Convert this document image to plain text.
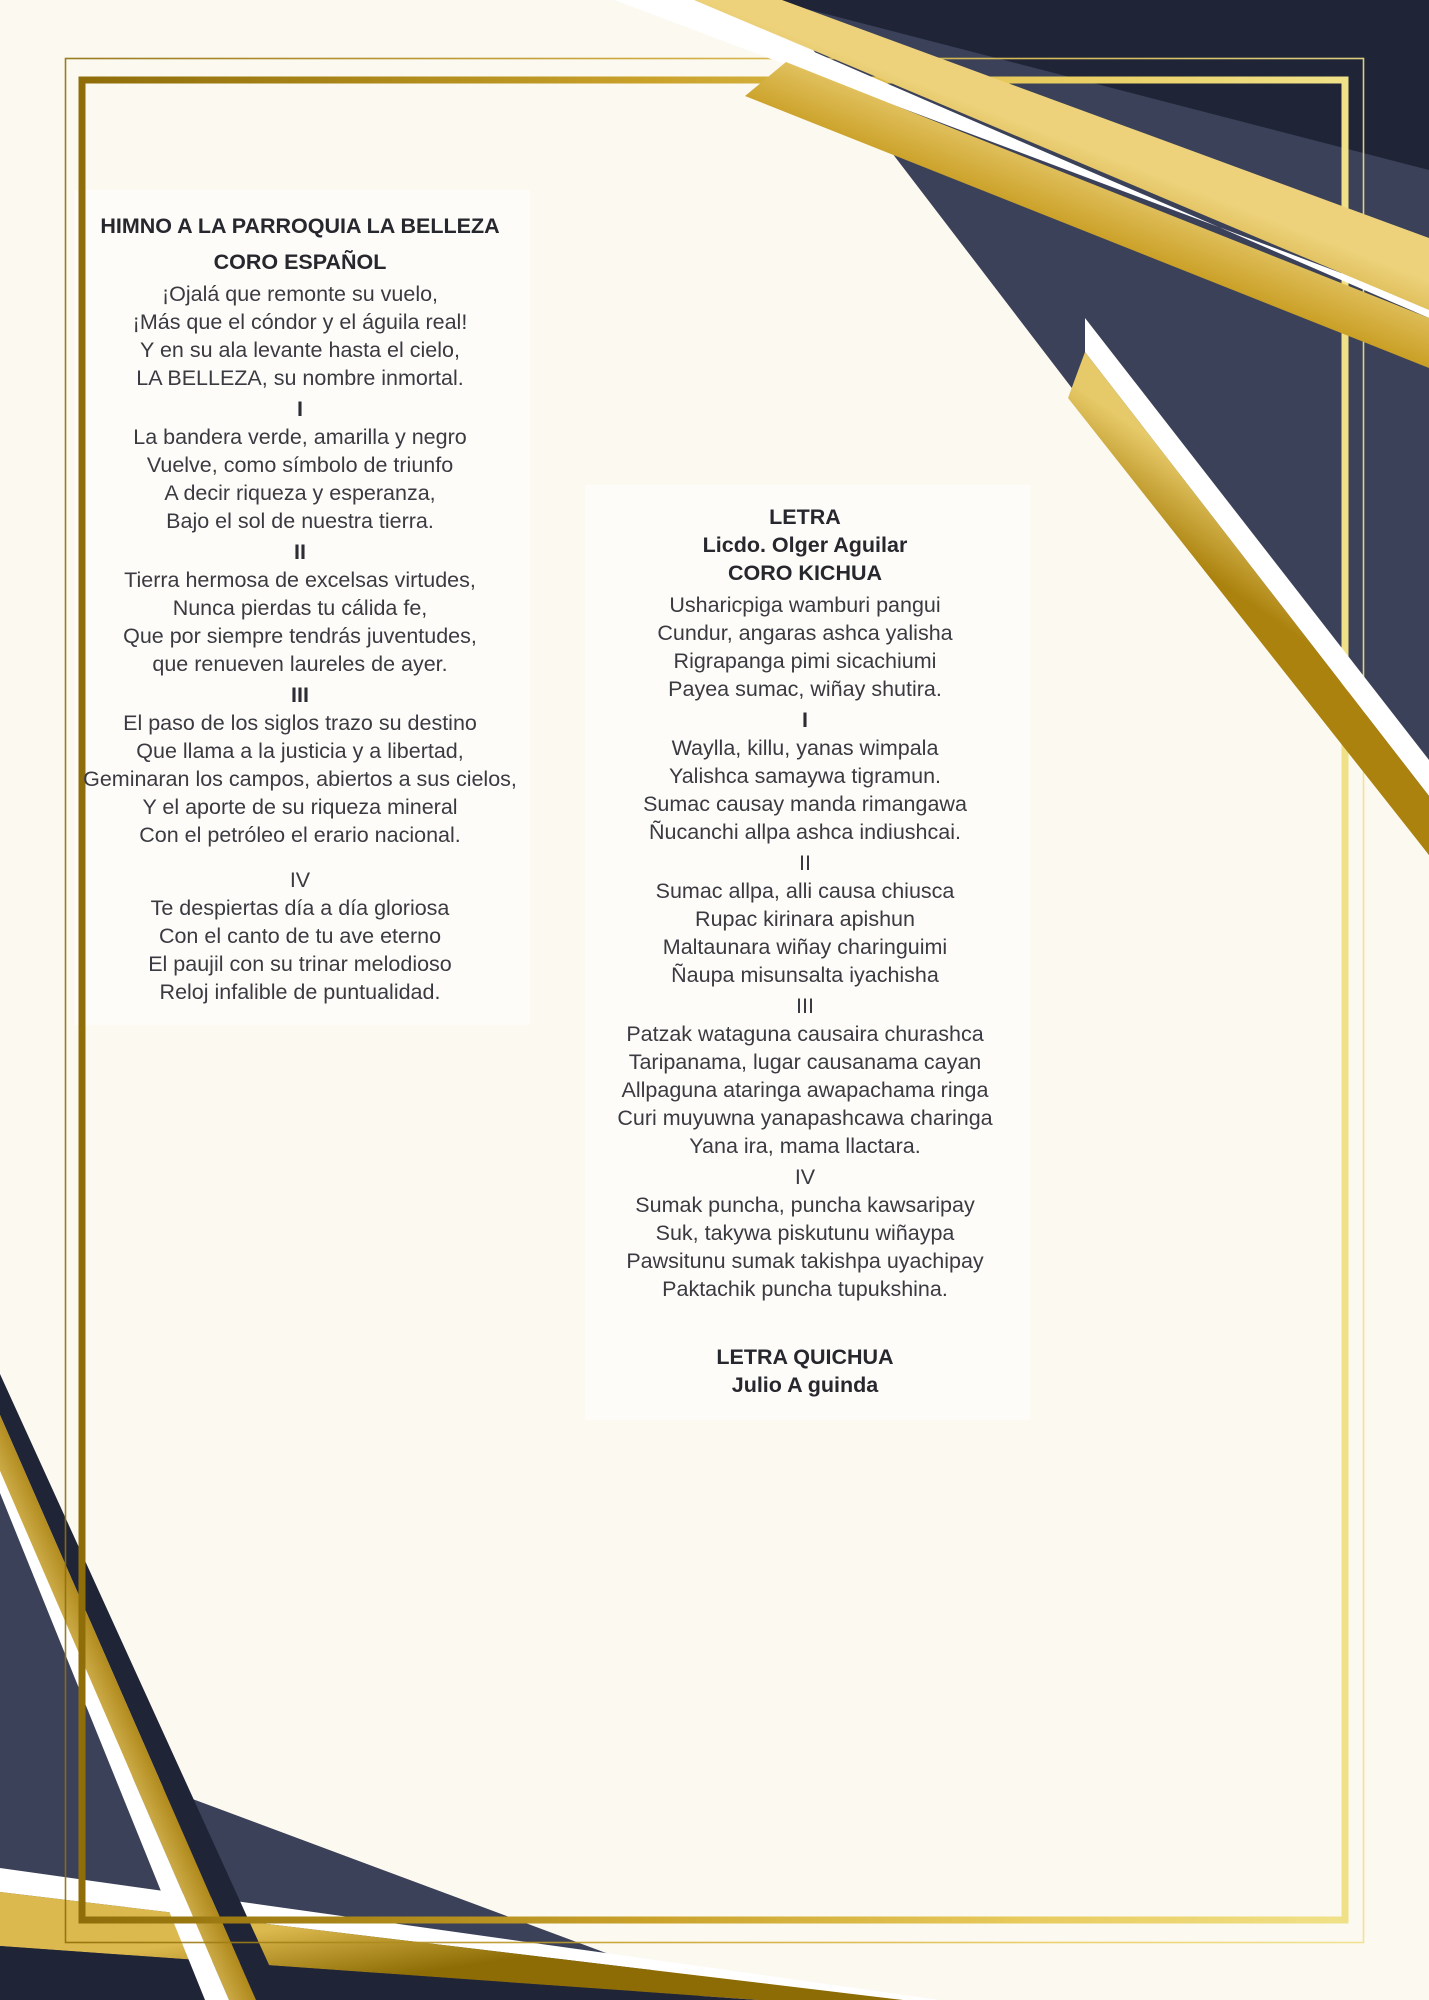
HIMNO A LA PARROQUIA LA BELLEZA
CORO ESPAÑOL
¡Ojalá que remonte su vuelo,
¡Más que el cóndor y el águila real!
Y en su ala levante hasta el cielo,
LA BELLEZA, su nombre inmortal.
I
La bandera verde, amarilla y negro
Vuelve, como símbolo de triunfo
A decir riqueza y esperanza,
Bajo el sol de nuestra tierra.
II
Tierra hermosa de excelsas virtudes,
Nunca pierdas tu cálida fe,
Que por siempre tendrás juventudes,
que renueven laureles de ayer.
III
El paso de los siglos trazo su destino
Que llama a la justicia y a libertad,
Geminaran los campos, abiertos a sus cielos,
Y el aporte de su riqueza mineral
Con el petróleo el erario nacional.
IV
Te despiertas día a día gloriosa
Con el canto de tu ave eterno
El paujil con su trinar melodioso
Reloj infalible de puntualidad.
LETRA
Licdo. Olger Aguilar
CORO KICHUA
Usharicpiga wamburi pangui
Cundur, angaras ashca yalisha
Rigrapanga pimi sicachiumi
Payea sumac, wiñay shutira.
I
Waylla, killu, yanas wimpala
Yalishca samaywa tigramun.
Sumac causay manda rimangawa
Ñucanchi allpa ashca indiushcai.
II
Sumac allpa, alli causa chiusca
Rupac kirinara apishun
Maltaunara wiñay charinguimi
Ñaupa misunsalta iyachisha
III
Patzak wataguna causaira churashca
Taripanama, lugar causanama cayan
Allpaguna ataringa awapachama ringa
Curi muyuwna yanapashcawa charinga
Yana ira, mama llactara.
IV
Sumak puncha, puncha kawsaripay
Suk, takywa piskutunu wiñaypa
Pawsitunu sumak takishpa uyachipay
Paktachik puncha tupukshina.
LETRA QUICHUA
Julio A guinda
